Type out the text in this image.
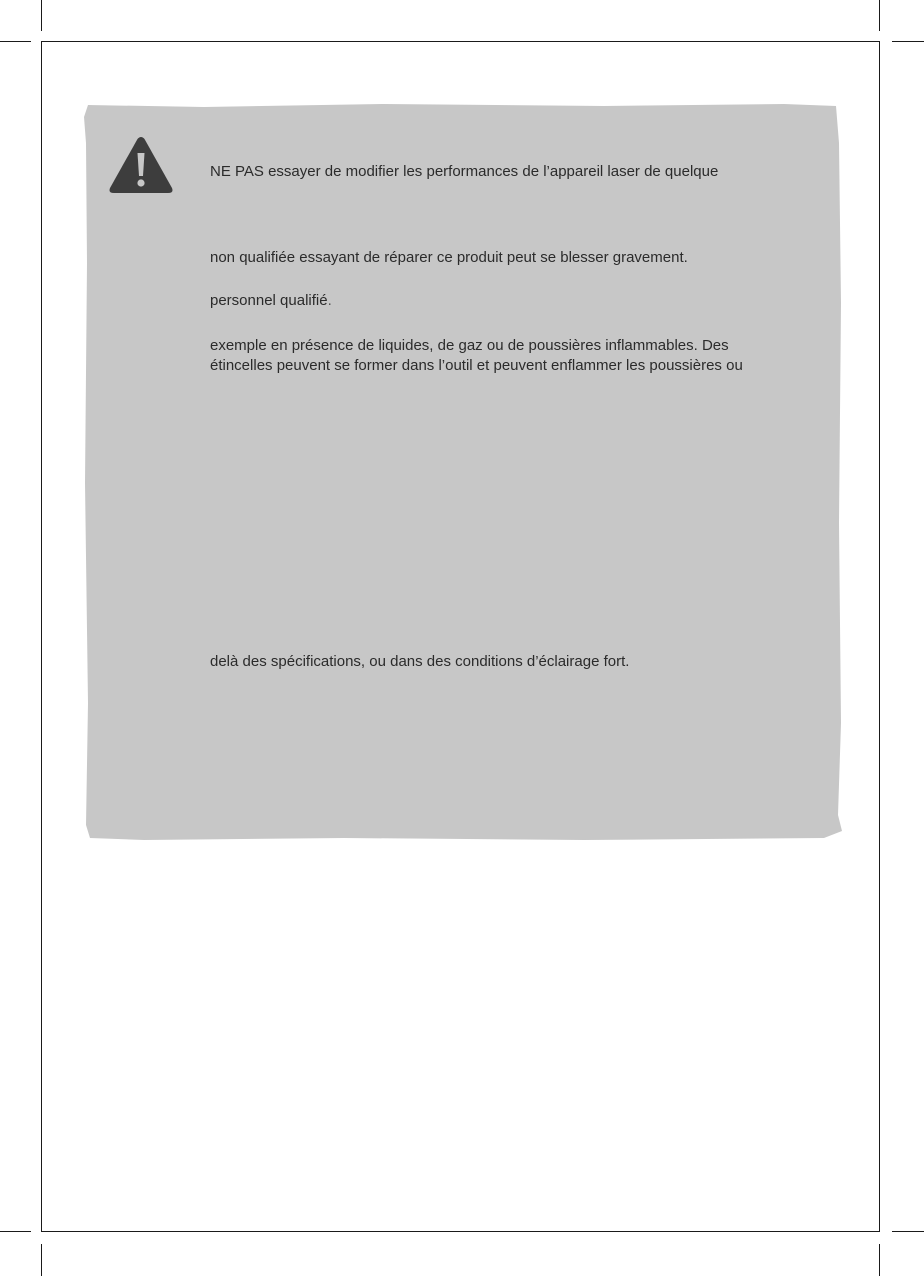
NE PAS essayer de modifier les performances de l’appareil laser de quelque

non qualifiée essayant de réparer ce produit peut se blesser gravement.

personnel qualifié.

exemple en présence de liquides, de gaz ou de poussières inflammables. Des

étincelles peuvent se former dans l’outil et peuvent enflammer les poussières ou

delà des spécifications, ou dans des conditions d’éclairage fort.
